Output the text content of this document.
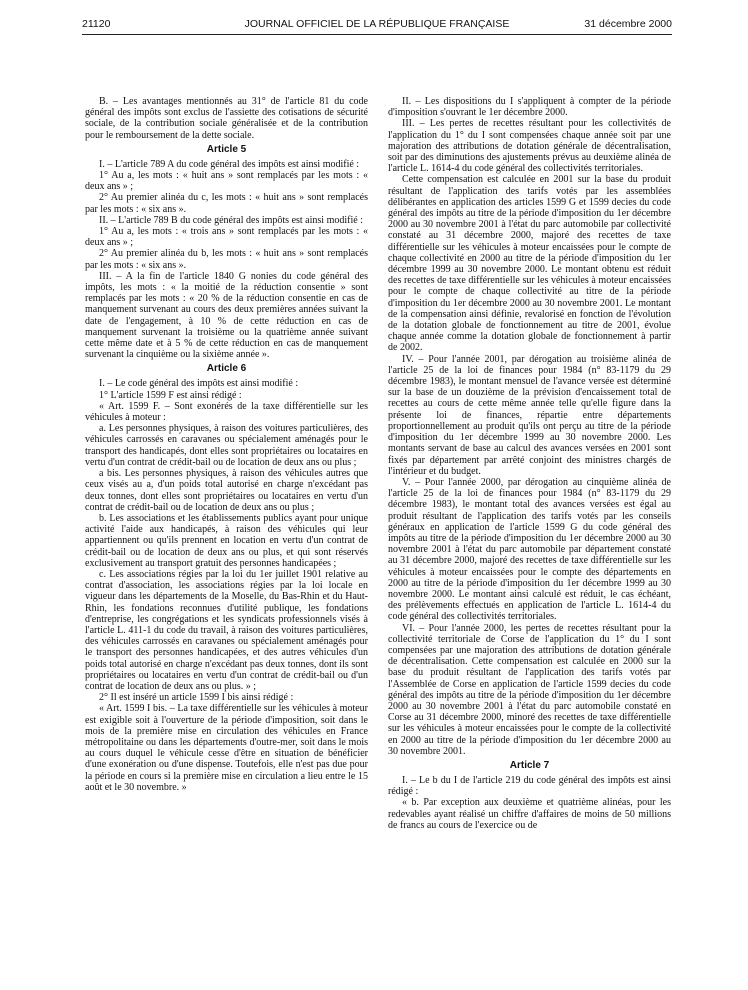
21120	JOURNAL OFFICIEL DE LA RÉPUBLIQUE FRANÇAISE	31 décembre 2000

B. – Les avantages mentionnés au 31° de l'article 81 du code général des impôts sont exclus de l'assiette des cotisations de sécurité sociale, de la contribution sociale généralisée et de la contribution pour le remboursement de la dette sociale.

Article 5

I. – L'article 789 A du code général des impôts est ainsi modifié :

1° Au a, les mots : « huit ans » sont remplacés par les mots : « deux ans » ;

2° Au premier alinéa du c, les mots : « huit ans » sont remplacés par les mots : « six ans ».

II. – L'article 789 B du code général des impôts est ainsi modifié :

1° Au a, les mots : « trois ans » sont remplacés par les mots : « deux ans » ;

2° Au premier alinéa du b, les mots : « huit ans » sont remplacés par les mots : « six ans ».

III. – A la fin de l'article 1840 G nonies du code général des impôts, les mots : « la moitié de la réduction consentie » sont remplacés par les mots : « 20 % de la réduction consentie en cas de manquement survenant au cours des deux premières années suivant la date de l'engagement, à 10 % de cette réduction en cas de manquement survenant la troisième ou la quatrième année suivant cette même date et à 5 % de cette réduction en cas de manquement survenant la cinquième ou la sixième année ».

Article 6

I. – Le code général des impôts est ainsi modifié :

1° L'article 1599 F est ainsi rédigé :

« Art. 1599 F. – Sont exonérés de la taxe différentielle sur les véhicules à moteur :

a. Les personnes physiques, à raison des voitures particulières, des véhicules carrossés en caravanes ou spécialement aménagés pour le transport des handicapés, dont elles sont propriétaires ou locataires en vertu d'un contrat de crédit-bail ou de location de deux ans ou plus ;

a bis. Les personnes physiques, à raison des véhicules autres que ceux visés au a, d'un poids total autorisé en charge n'excédant pas deux tonnes, dont elles sont propriétaires ou locataires en vertu d'un contrat de crédit-bail ou de location de deux ans ou plus ;

b. Les associations et les établissements publics ayant pour unique activité l'aide aux handicapés, à raison des véhicules qui leur appartiennent ou qu'ils prennent en location en vertu d'un contrat de crédit-bail ou de location de deux ans ou plus, et qui sont réservés exclusivement au transport gratuit des personnes handicapées ;

c. Les associations régies par la loi du 1er juillet 1901 relative au contrat d'association, les associations régies par la loi locale en vigueur dans les départements de la Moselle, du Bas-Rhin et du Haut-Rhin, les fondations reconnues d'utilité publique, les fondations d'entreprise, les congrégations et les syndicats professionnels visés à l'article L. 411-1 du code du travail, à raison des voitures particulières, des véhicules carrossés en caravanes ou spécialement aménagés pour le transport des personnes handicapées, et des autres véhicules d'un poids total autorisé en charge n'excédant pas deux tonnes, dont ils sont propriétaires ou locataires en vertu d'un contrat de crédit-bail ou d'un contrat de location de deux ans ou plus. » ;

2° Il est inséré un article 1599 I bis ainsi rédigé :

« Art. 1599 I bis. – La taxe différentielle sur les véhicules à moteur est exigible soit à l'ouverture de la période d'imposition, soit dans le mois de la première mise en circulation des véhicules en France métropolitaine ou dans les départements d'outre-mer, soit dans le mois au cours duquel le véhicule cesse d'être en situation de bénéficier d'une exonération ou d'une dispense. Toutefois, elle n'est pas due pour la période en cours si la première mise en circulation a lieu entre le 15 août et le 30 novembre. »

II. – Les dispositions du I s'appliquent à compter de la période d'imposition s'ouvrant le 1er décembre 2000.

III. – Les pertes de recettes résultant pour les collectivités de l'application du 1° du I sont compensées chaque année soit par une majoration des attributions de dotation générale de décentralisation, soit par des diminutions des ajustements prévus au deuxième alinéa de l'article L. 1614-4 du code général des collectivités territoriales.

Cette compensation est calculée en 2001 sur la base du produit résultant de l'application des tarifs votés par les assemblées délibérantes en application des articles 1599 G et 1599 decies du code général des impôts au titre de la période d'imposition du 1er décembre 2000 au 30 novembre 2001 à l'état du parc automobile par collectivité constaté au 31 décembre 2000, majoré des recettes de taxe différentielle sur les véhicules à moteur encaissées pour le compte de chaque collectivité en 2000 au titre de la période d'imposition du 1er décembre 1999 au 30 novembre 2000. Le montant obtenu est réduit des recettes de taxe différentielle sur les véhicules à moteur encaissées pour le compte de chaque collectivité au titre de la période d'imposition du 1er décembre 2000 au 30 novembre 2001. Le montant de la compensation ainsi définie, revalorisé en fonction de l'évolution de la dotation globale de fonctionnement au titre de 2001, évolue chaque année comme la dotation globale de fonctionnement à partir de 2002.

IV. – Pour l'année 2001, par dérogation au troisième alinéa de l'article 25 de la loi de finances pour 1984 (n° 83-1179 du 29 décembre 1983), le montant mensuel de l'avance versée est déterminé sur la base de un douzième de la prévision d'encaissement total de recettes au cours de cette même année telle qu'elle figure dans la présente loi de finances, répartie entre départements proportionnellement au produit qu'ils ont perçu au titre de la période d'imposition du 1er décembre 1999 au 30 novembre 2000. Les montants servant de base au calcul des avances versées en 2001 sont fixés par département par arrêté conjoint des ministres chargés de l'intérieur et du budget.

V. – Pour l'année 2000, par dérogation au cinquième alinéa de l'article 25 de la loi de finances pour 1984 (n° 83-1179 du 29 décembre 1983), le montant total des avances versées est égal au produit résultant de l'application des tarifs votés par les conseils généraux en application de l'article 1599 G du code général des impôts au titre de la période d'imposition du 1er décembre 2000 au 30 novembre 2001 à l'état du parc automobile par département constaté au 31 décembre 2000, majoré des recettes de taxe différentielle sur les véhicules à moteur encaissées pour le compte des départements en 2000 au titre de la période d'imposition du 1er décembre 1999 au 30 novembre 2000. Le montant ainsi calculé est réduit, le cas échéant, des prélèvements effectués en application de l'article L. 1614-4 du code général des collectivités territoriales.

VI. – Pour l'année 2000, les pertes de recettes résultant pour la collectivité territoriale de Corse de l'application du 1° du I sont compensées par une majoration des attributions de dotation générale de décentralisation. Cette compensation est calculée en 2000 sur la base du produit résultant de l'application des tarifs votés par l'Assemblée de Corse en application de l'article 1599 decies du code général des impôts au titre de la période d'imposition du 1er décembre 2000 au 30 novembre 2001 à l'état du parc automobile constaté en Corse au 31 décembre 2000, minoré des recettes de taxe différentielle sur les véhicules à moteur encaissées pour le compte de la collectivité en 2000 au titre de la période d'imposition du 1er décembre 2000 au 30 novembre 2001.

Article 7

I. – Le b du I de l'article 219 du code général des impôts est ainsi rédigé :

« b. Par exception aux deuxième et quatrième alinéas, pour les redevables ayant réalisé un chiffre d'affaires de moins de 50 millions de francs au cours de l'exercice ou de
